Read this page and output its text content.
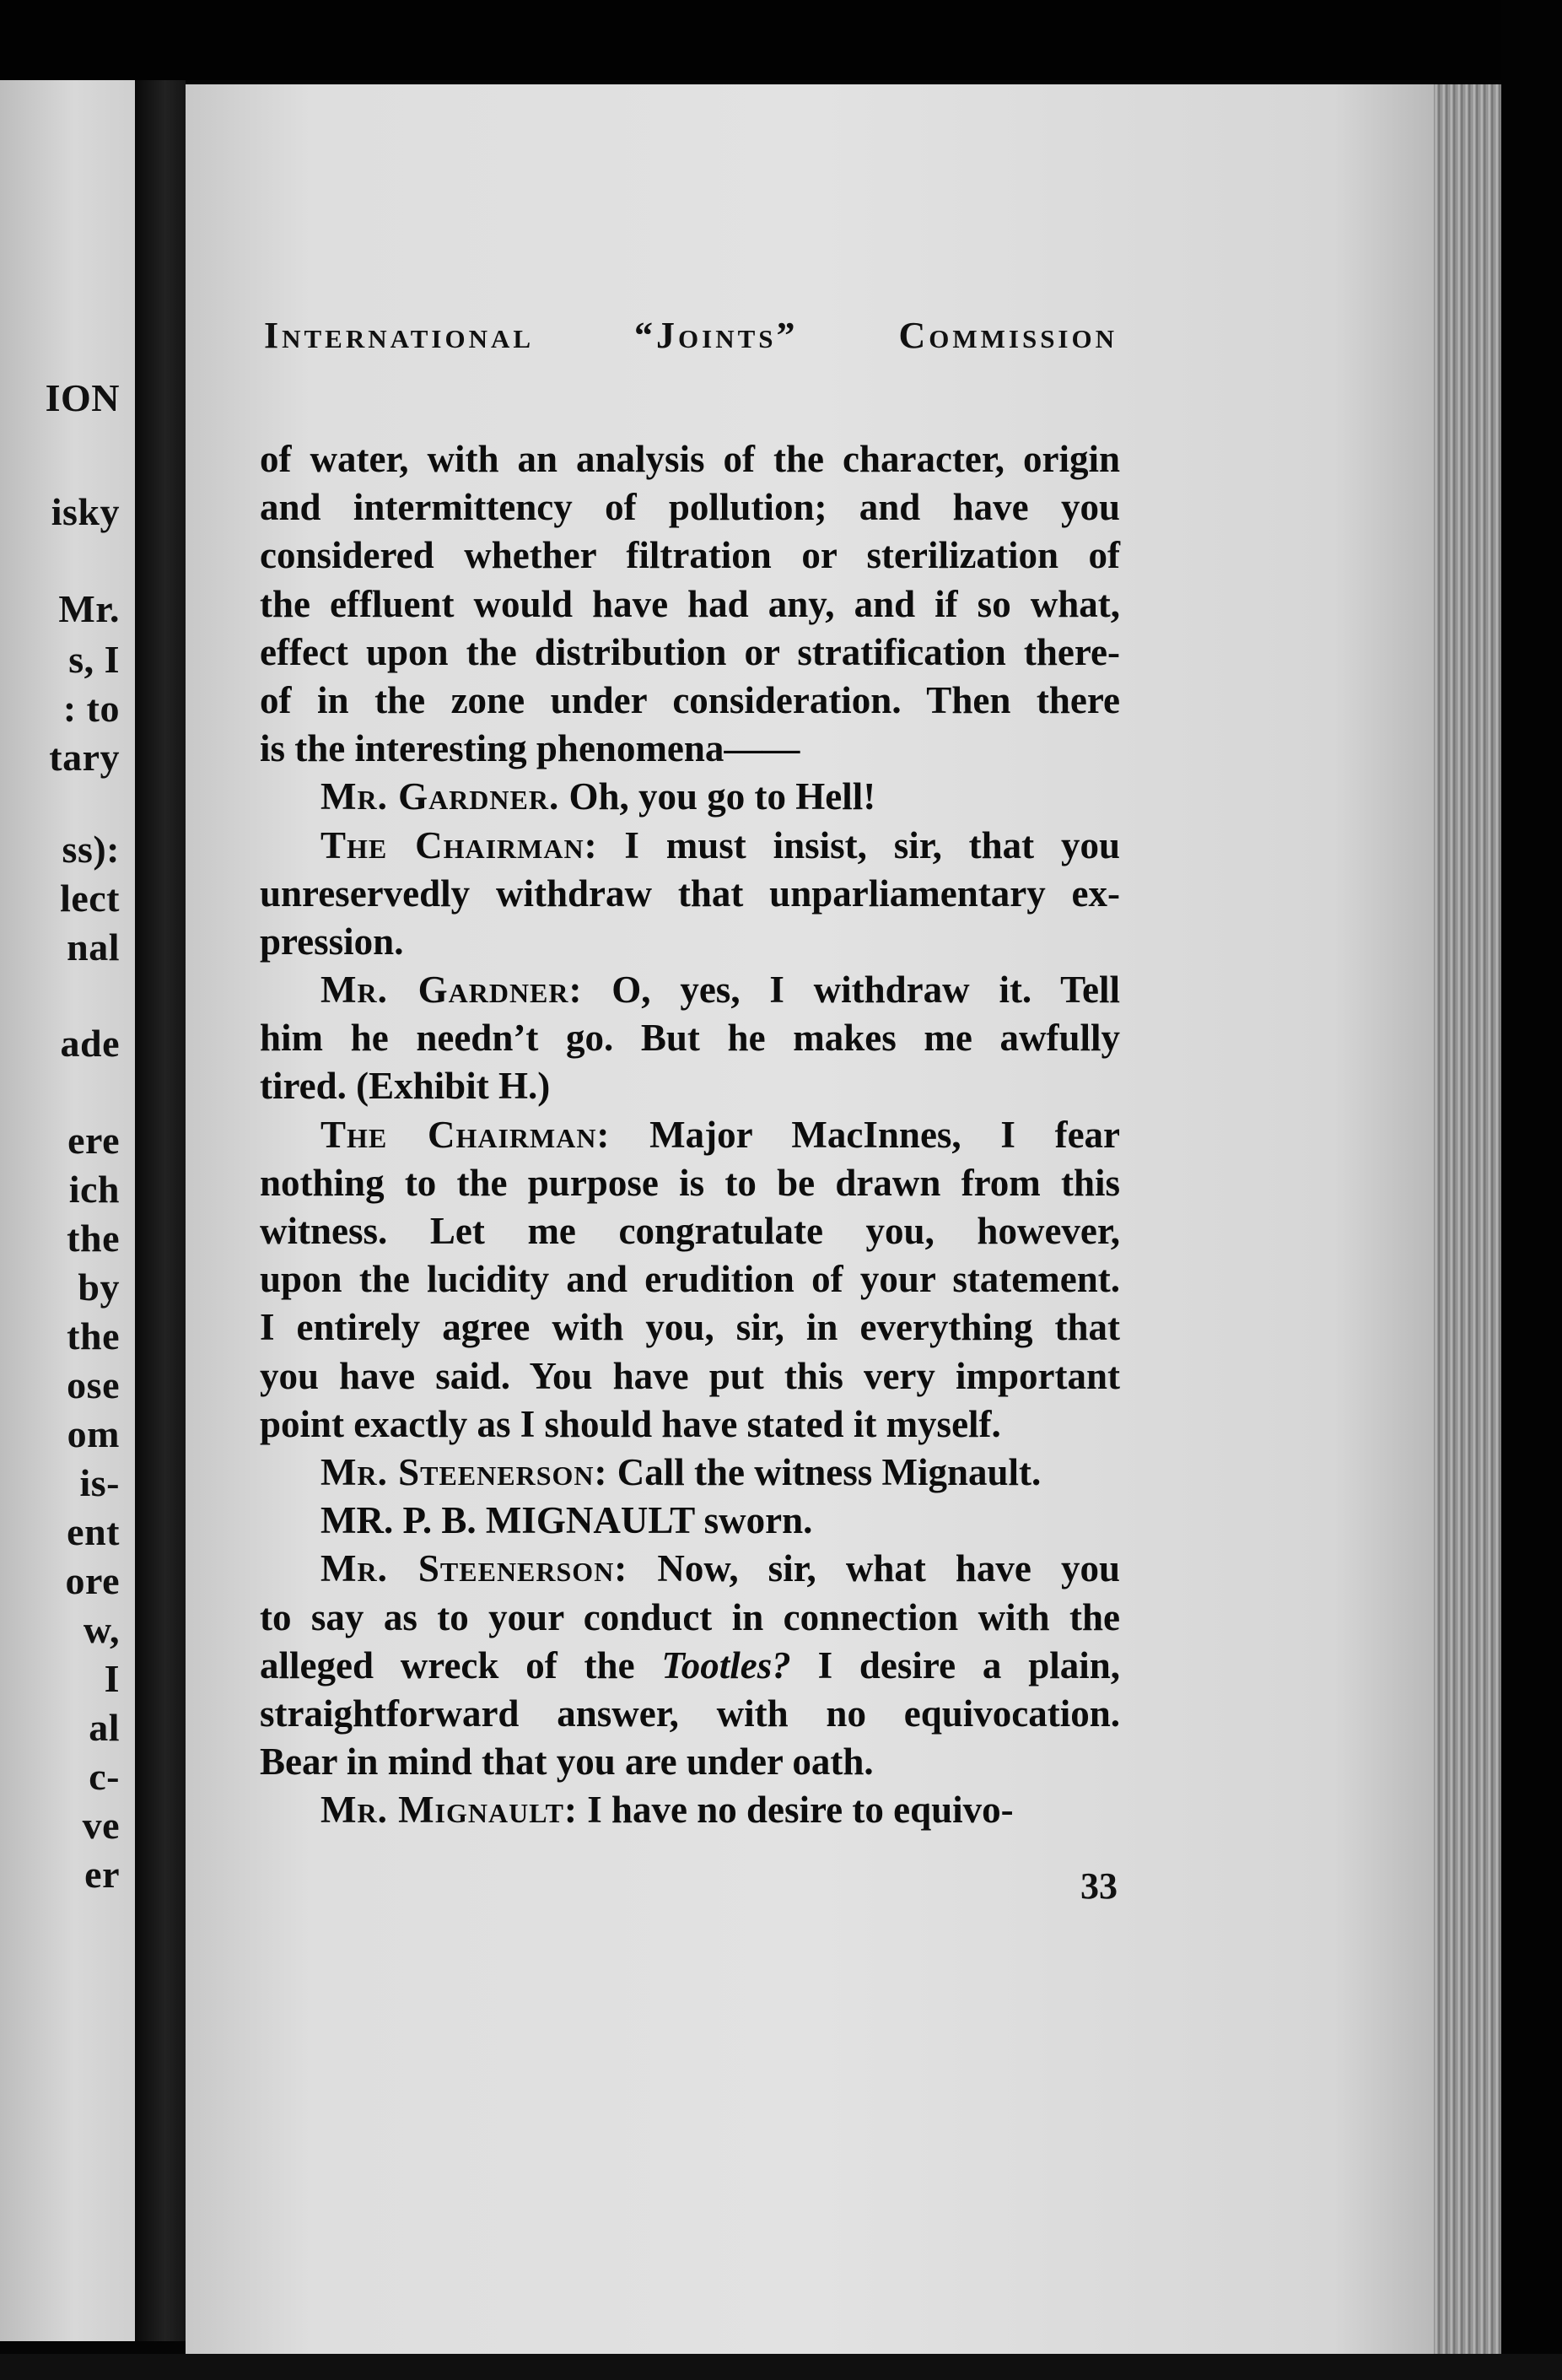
ION
isky
Mr.
s, I
: to
tary
ss):
lect
nal
ade
ere
ich
the
by
the
ose
om
is-
ent
ore
w,
I
al
c-
ve
er
International “Joints” Commission
of water, with an analysis of the character, origin
and intermittency of pollution; and have you
considered whether filtration or sterilization of
the effluent would have had any, and if so what,
effect upon the distribution or stratification there-
of in the zone under consideration. Then there
is the interesting phenomena——
Mr. Gardner. Oh, you go to Hell!
The Chairman: I must insist, sir, that you
unreservedly withdraw that unparliamentary ex-
pression.
Mr. Gardner: O, yes, I withdraw it. Tell
him he needn’t go. But he makes me awfully
tired. (Exhibit H.)
The Chairman: Major MacInnes, I fear
nothing to the purpose is to be drawn from this
witness. Let me congratulate you, however,
upon the lucidity and erudition of your statement.
I entirely agree with you, sir, in everything that
you have said. You have put this very important
point exactly as I should have stated it myself.
Mr. Steenerson: Call the witness Mignault.
MR. P. B. MIGNAULT sworn.
Mr. Steenerson: Now, sir, what have you
to say as to your conduct in connection with the
alleged wreck of the Tootles? I desire a plain,
straightforward answer, with no equivocation.
Bear in mind that you are under oath.
Mr. Mignault: I have no desire to equivo-
33
